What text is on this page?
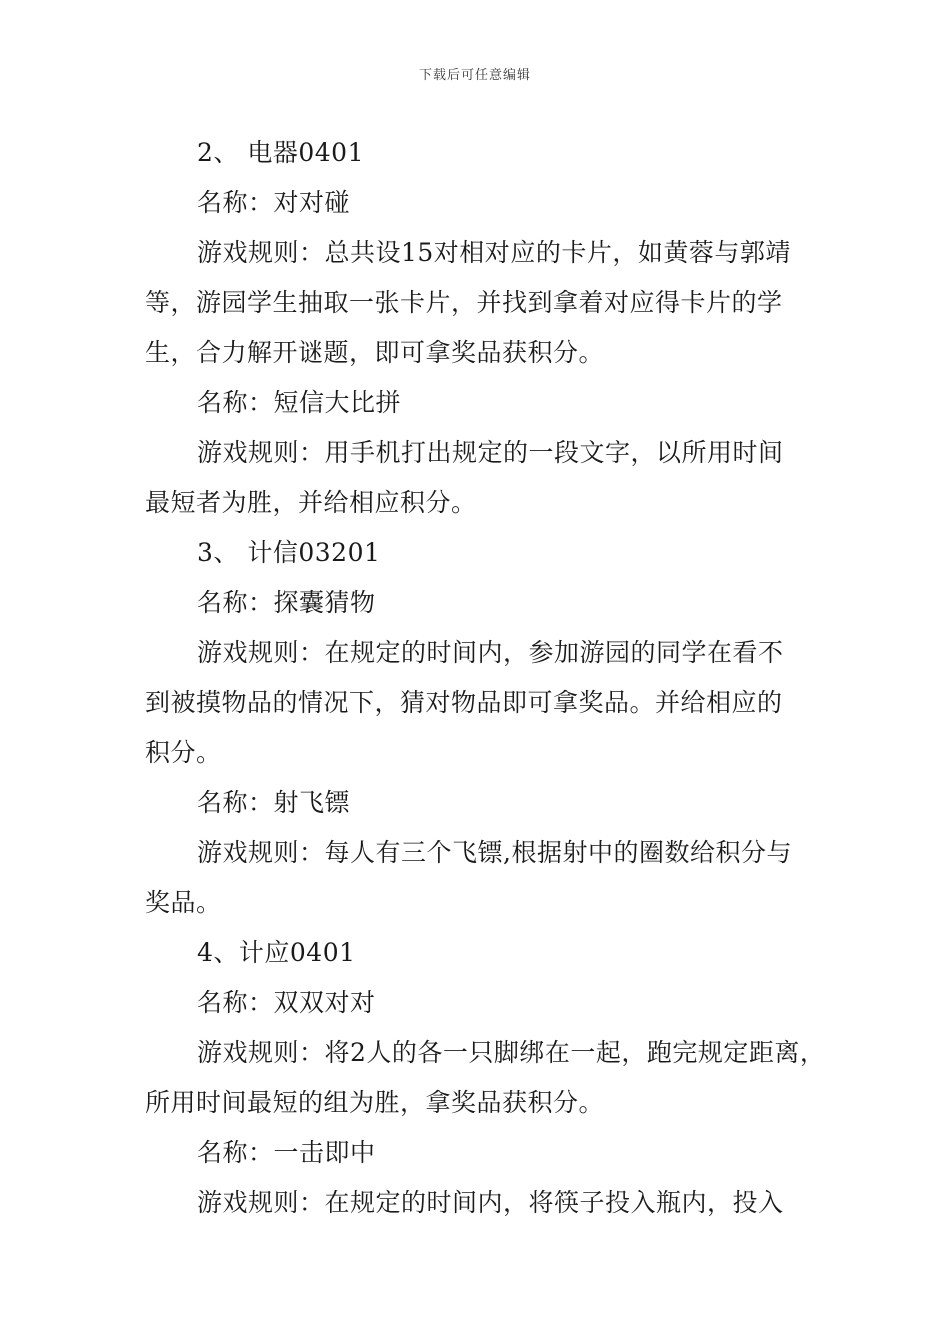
下载后可任意编辑
2、 电器0401
名称：对对碰
游戏规则：总共设15对相对应的卡片，如黄蓉与郭靖
等，游园学生抽取一张卡片，并找到拿着对应得卡片的学
生，合力解开谜题，即可拿奖品获积分。
名称：短信大比拼
游戏规则：用手机打出规定的一段文字，以所用时间
最短者为胜，并给相应积分。
3、 计信03201
名称：探囊猜物
游戏规则：在规定的时间内，参加游园的同学在看不
到被摸物品的情况下，猜对物品即可拿奖品。并给相应的
积分。
名称：射飞镖
游戏规则：每人有三个飞镖,根据射中的圈数给积分与
奖品。
4、计应0401
名称：双双对对
游戏规则：将2人的各一只脚绑在一起，跑完规定距离，
所用时间最短的组为胜，拿奖品获积分。
名称：一击即中
游戏规则：在规定的时间内，将筷子投入瓶内，投入
